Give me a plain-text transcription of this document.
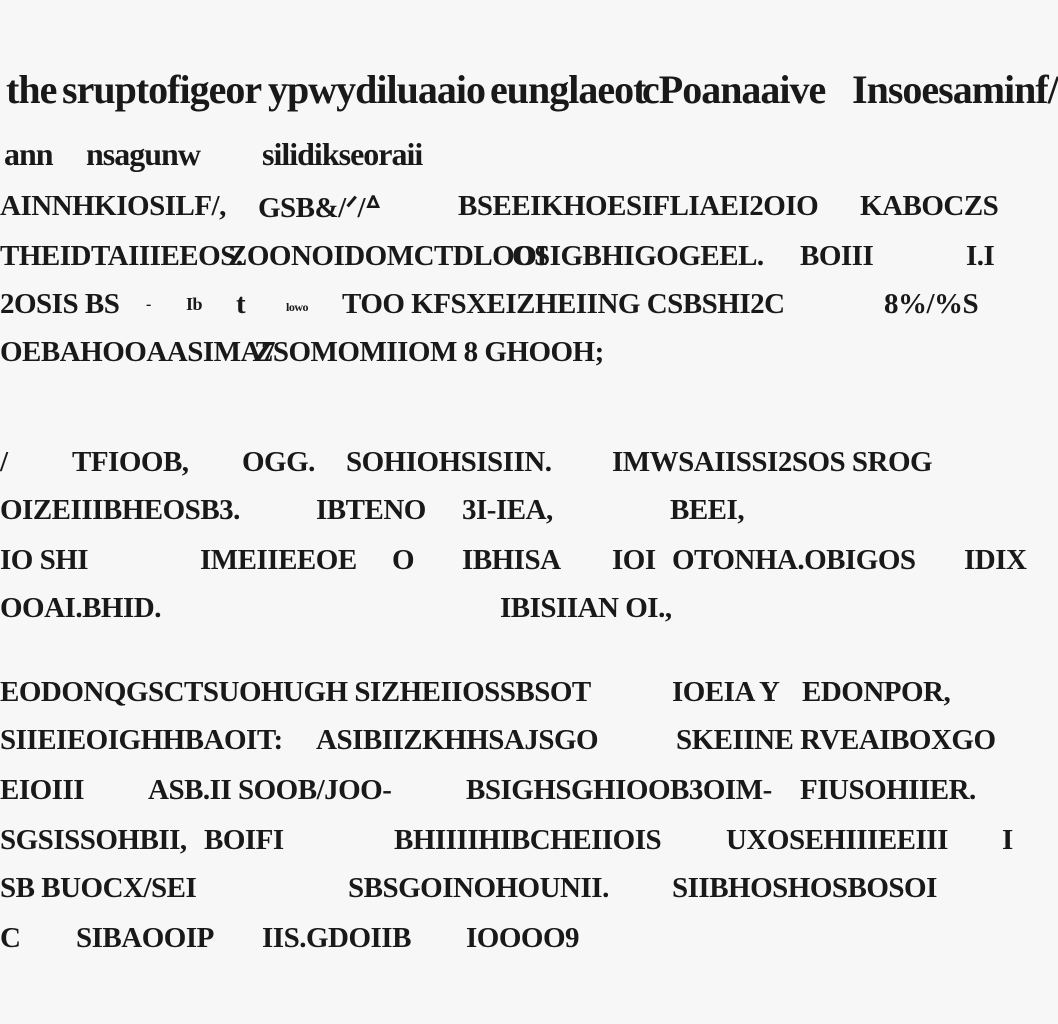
the sruptofigeor ypwydiluaaio eunglaeot
cPoanaaive Insoesaminf/
ann nsagunw silidikseoraii
AINNHKIOSILF/, GSB&/ᐟ/ᐞ	BSEEIKHOESIFLIAEI2OIO KABOCZS
THEIDTAIIIEEOS.
ZOONOIDOMCTDLOOI
OSIGBHIGOGEEL. BOIII	I.I
2OSIS BS - Ib t	lowo TOO KFSXEIZHEIING CSBSHI2C	8%/%S
OEBAHOOAASIMA7
ZSOMOMIIOM 8 GHOOH;
/ TFIOOB, OGG. SOHIOHSISIIN. IMWSAIISSI2SOS SROG
OIZEIIIBHEOSB3.	IBTENO 3I-IEA,	BEEI,
IO SHI	IMEIIEEOE O IBHISA IOI OTONHA.OBIGOS IDIX
OOAI.BHID.	IBISIIAN OI.,
EODONQGSCTSUOHUGH SIZHEIIOSSBSOT	IOEIA Y EDONPOR,
SIIEIEOIGHHBAOIT: ASIBIIZKHHSAJSGO	SKEIINE RVEAIBOXGO
EIOIII ASB.II SOOB/JOO-	BSIGHSGHIOOB3OIM- FIUSOHIIER.
SGSISSOHBII, BOIFI	BHIIIIHIBCHEIIOIS UXOSEHIIIEEIII I
SB BUOCX/SEI	SBSGOINOHOUNII. SIIBHOSHOSBOSOI
C SIBAOOIP IIS.GDOIIB IOOOO9
